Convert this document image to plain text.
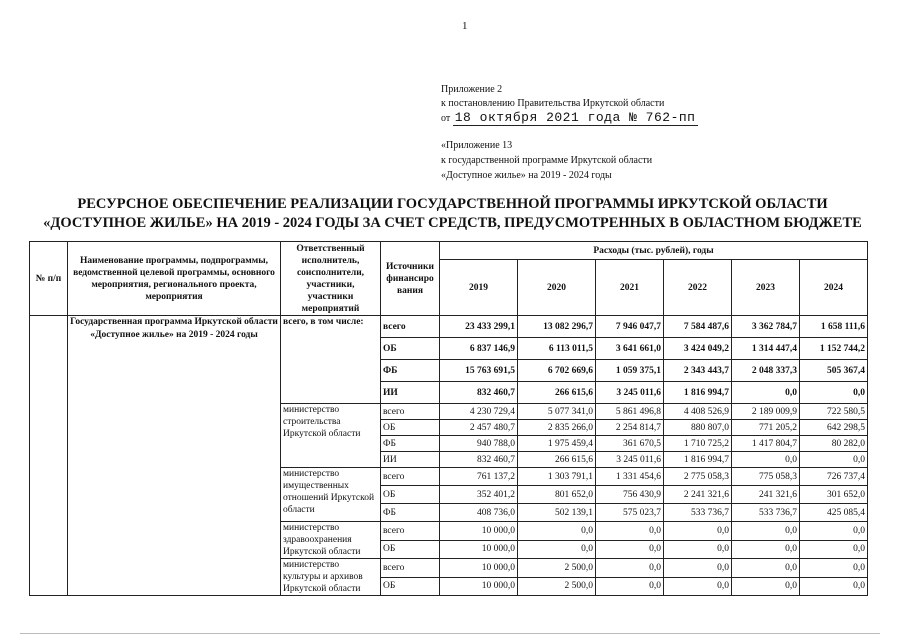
1
Приложение 2
к постановлению Правительства Иркутской области
от 18 октября 2021 года № 762-пп
«Приложение 13
к государственной программе Иркутской области
«Доступное жилье» на 2019 - 2024 годы
РЕСУРСНОЕ ОБЕСПЕЧЕНИЕ РЕАЛИЗАЦИИ ГОСУДАРСТВЕННОЙ ПРОГРАММЫ ИРКУТСКОЙ ОБЛАСТИ
«ДОСТУПНОЕ ЖИЛЬЕ» НА 2019 - 2024 ГОДЫ ЗА СЧЕТ СРЕДСТВ, ПРЕДУСМОТРЕННЫХ В ОБЛАСТНОМ БЮДЖЕТЕ
№ п/п	Наименование программы, подпрограммы, ведомственной целевой программы, основного мероприятия, регионального проекта, мероприятия	Ответственный исполнитель, соисполнители, участники, участники мероприятий	Источники финансиро вания	Расходы (тыс. рублей), годы					
				2019	2020	2021	2022	2023	2024
	Государственная программа Иркутской области «Доступное жилье» на 2019 - 2024 годы	всего, в том числе:	всего	23 433 299,1	13 082 296,7	7 946 047,7	7 584 487,6	3 362 784,7	1 658 111,6
			ОБ	6 837 146,9	6 113 011,5	3 641 661,0	3 424 049,2	1 314 447,4	1 152 744,2
			ФБ	15 763 691,5	6 702 669,6	1 059 375,1	2 343 443,7	2 048 337,3	505 367,4
			ИИ	832 460,7	266 615,6	3 245 011,6	1 816 994,7	0,0	0,0
		министерство строительства Иркутской области	всего	4 230 729,4	5 077 341,0	5 861 496,8	4 408 526,9	2 189 009,9	722 580,5
			ОБ	2 457 480,7	2 835 266,0	2 254 814,7	880 807,0	771 205,2	642 298,5
			ФБ	940 788,0	1 975 459,4	361 670,5	1 710 725,2	1 417 804,7	80 282,0
			ИИ	832 460,7	266 615,6	3 245 011,6	1 816 994,7	0,0	0,0
		министерство имущественных отношений Иркутской области	всего	761 137,2	1 303 791,1	1 331 454,6	2 775 058,3	775 058,3	726 737,4
			ОБ	352 401,2	801 652,0	756 430,9	2 241 321,6	241 321,6	301 652,0
			ФБ	408 736,0	502 139,1	575 023,7	533 736,7	533 736,7	425 085,4
		министерство здравоохранения Иркутской области	всего	10 000,0	0,0	0,0	0,0	0,0	0,0
			ОБ	10 000,0	0,0	0,0	0,0	0,0	0,0
		министерство культуры и архивов Иркутской области	всего	10 000,0	2 500,0	0,0	0,0	0,0	0,0
			ОБ	10 000,0	2 500,0	0,0	0,0	0,0	0,0
